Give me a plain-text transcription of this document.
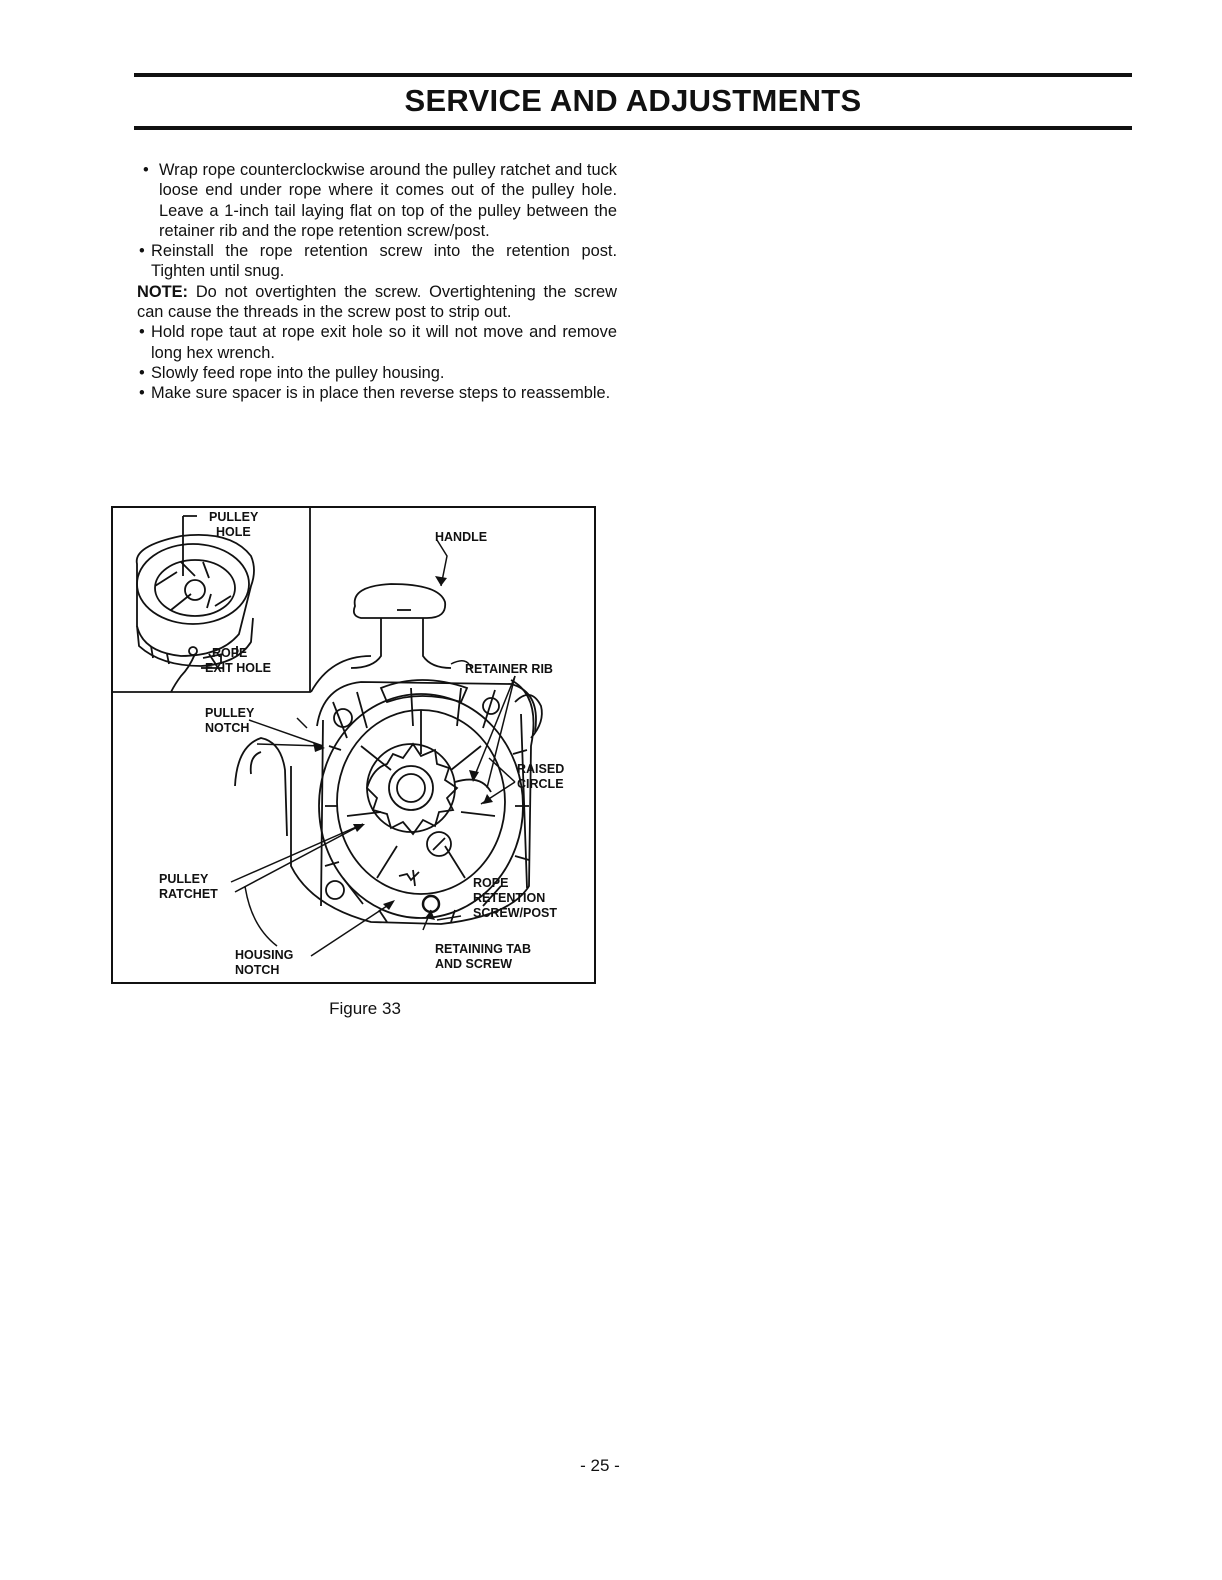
SERVICE AND ADJUSTMENTS

• Wrap rope counterclockwise around the pulley ratchet and tuck loose end under rope where it comes out of the pulley hole. Leave a 1-inch tail laying flat on top of the pulley between the retainer rib and the rope retention screw/post.

• Reinstall the rope retention screw into the retention post. Tighten until snug.

NOTE: Do not overtighten the screw. Overtightening the screw can cause the threads in the screw post to strip out.

• Hold rope taut at rope exit hole so it will not move and remove long hex wrench.

• Slowly feed rope into the pulley housing.

• Make sure spacer is in place then reverse steps to reassemble.

PULLEY
HOLE	HANDLE
ROPE
EXIT HOLE	RETAINER RIB
PULLEY
NOTCH
RAISED
CIRCLE
PULLEY
RATCHET
ROPE
RETENTION
SCREW/POST
HOUSING
NOTCH
RETAINING TAB
AND SCREW
Figure 33
- 25 -
